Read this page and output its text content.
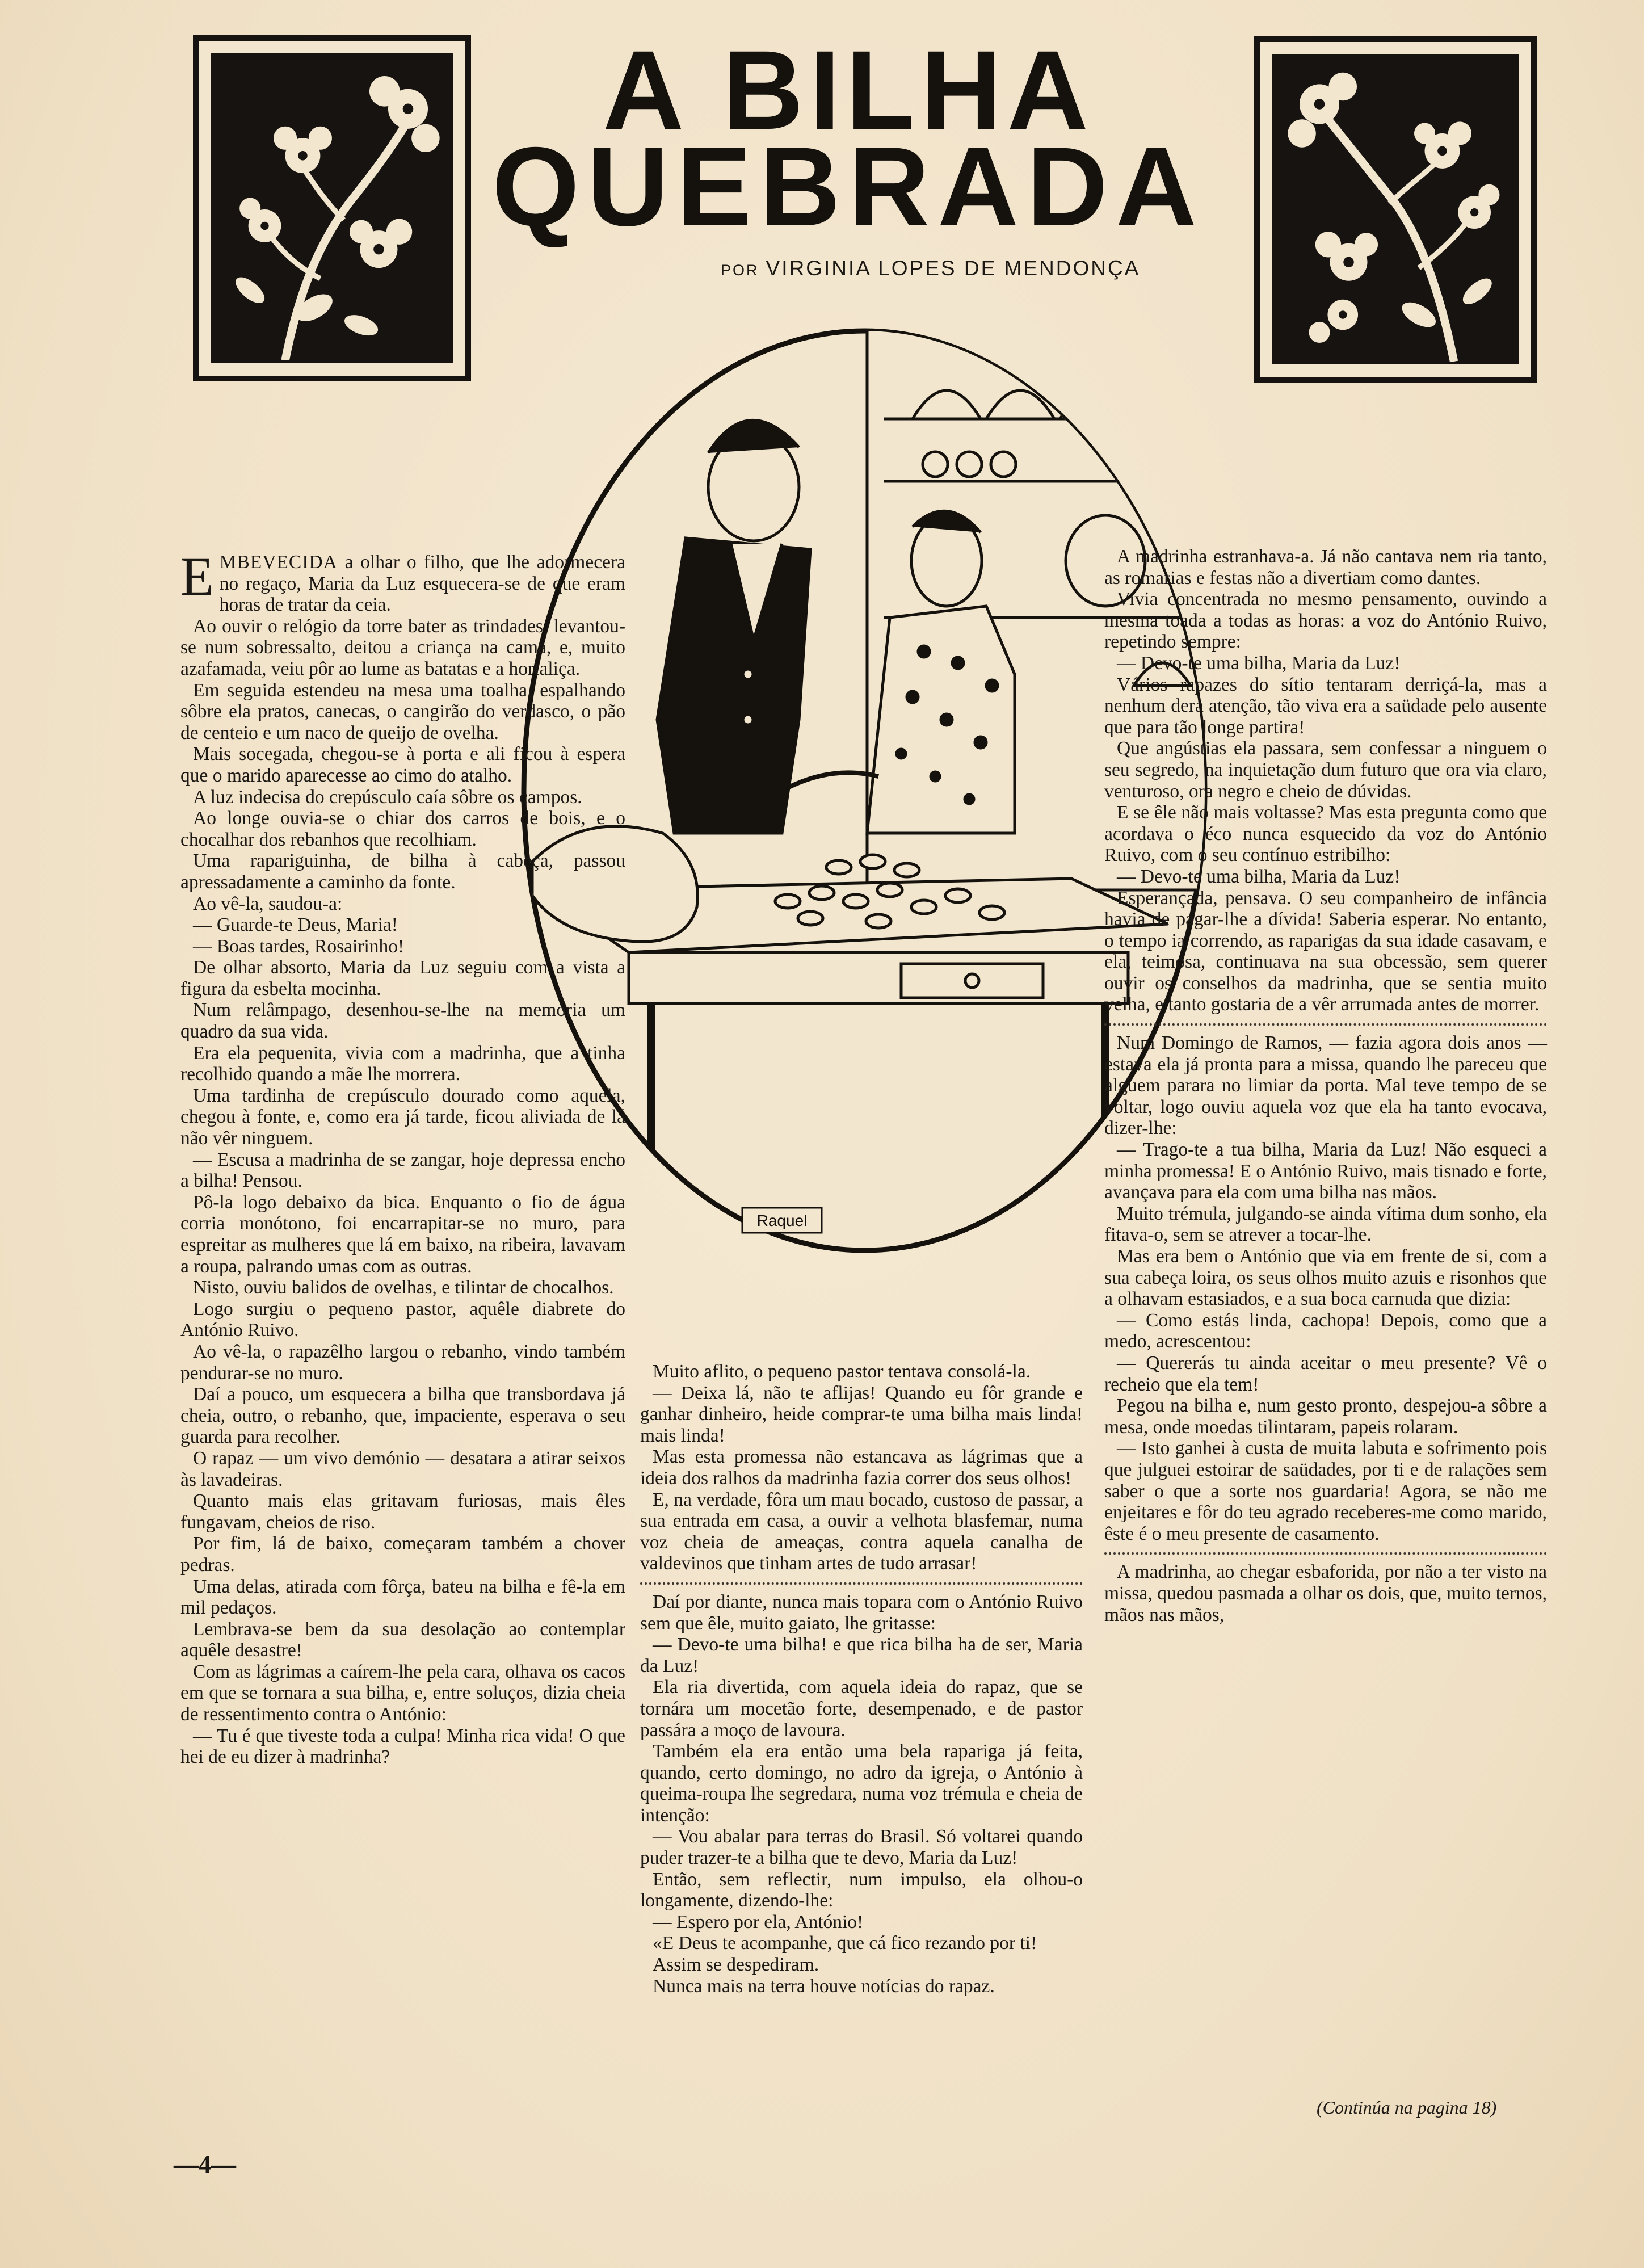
A BILHA
QUEBRADA
POR VIRGINIA LOPES DE MENDONÇA
Raquel

EMBEVECIDA a olhar o filho, que lhe adormecera no regaço, Maria da Luz esquecera-se de que eram horas de tratar da ceia.

Ao ouvir o relógio da torre bater as trindades, levantou-se num sobressalto, deitou a criança na cama, e, muito azafamada, veiu pôr ao lume as batatas e a hortaliça.

Em seguida estendeu na mesa uma toalha, espalhando sôbre ela pratos, canecas, o cangirão do verdasco, o pão de centeio e um naco de queijo de ovelha.

Mais socegada, chegou-se à porta e ali ficou à espera que o marido aparecesse ao cimo do atalho.

A luz indecisa do crepúsculo caía sôbre os campos.

Ao longe ouvia-se o chiar dos carros de bois, e o chocalhar dos rebanhos que recolhiam.

Uma rapariguinha, de bilha à cabeça, passou apressadamente a caminho da fonte.

Ao vê-la, saudou-a:

— Guarde-te Deus, Maria!

— Boas tardes, Rosairinho!

De olhar absorto, Maria da Luz seguiu com a vista a figura da esbelta mocinha.

Num relâmpago, desenhou-se-lhe na memória um quadro da sua vida.

Era ela pequenita, vivia com a madrinha, que a tinha recolhido quando a mãe lhe morrera.

Uma tardinha de crepúsculo dourado como aquela, chegou à fonte, e, como era já tarde, ficou aliviada de lá não vêr ninguem.

— Escusa a madrinha de se zangar, hoje depressa encho a bilha! Pensou.

Pô-la logo debaixo da bica. Enquanto o fio de água corria monótono, foi encarrapitar-se no muro, para espreitar as mulheres que lá em baixo, na ribeira, lavavam a roupa, palrando umas com as outras.

Nisto, ouviu balidos de ovelhas, e tilintar de chocalhos.

Logo surgiu o pequeno pastor, aquêle diabrete do António Ruivo.

Ao vê-la, o rapazêlho largou o rebanho, vindo também pendurar-se no muro.

Daí a pouco, um esquecera a bilha que transbordava já cheia, outro, o rebanho, que, impaciente, esperava o seu guarda para recolher.

O rapaz — um vivo demónio — desatara a atirar seixos às lavadeiras.

Quanto mais elas gritavam furiosas, mais êles fungavam, cheios de riso.

Por fim, lá de baixo, começaram também a chover pedras.

Uma delas, atirada com fôrça, bateu na bilha e fê-la em mil pedaços.

Lembrava-se bem da sua desolação ao contemplar aquêle desastre!

Com as lágrimas a caírem-lhe pela cara, olhava os cacos em que se tornara a sua bilha, e, entre soluços, dizia cheia de ressentimento contra o António:

— Tu é que tiveste toda a culpa! Minha rica vida! O que hei de eu dizer à madrinha?

Muito aflito, o pequeno pastor tentava consolá-la.

— Deixa lá, não te aflijas! Quando eu fôr grande e ganhar dinheiro, heide comprar-te uma bilha mais linda! mais linda!

Mas esta promessa não estancava as lágrimas que a ideia dos ralhos da madrinha fazia correr dos seus olhos!

E, na verdade, fôra um mau bocado, custoso de passar, a sua entrada em casa, a ouvir a velhota blasfemar, numa voz cheia de ameaças, contra aquela canalha de valdevinos que tinham artes de tudo arrasar!

Daí por diante, nunca mais topara com o António Ruivo sem que êle, muito gaiato, lhe gritasse:

— Devo-te uma bilha! e que rica bilha ha de ser, Maria da Luz!

Ela ria divertida, com aquela ideia do rapaz, que se tornára um mocetão forte, desempenado, e de pastor passára a moço de lavoura.

Também ela era então uma bela rapariga já feita, quando, certo domingo, no adro da igreja, o António à queima-roupa lhe segredara, numa voz trémula e cheia de intenção:

— Vou abalar para terras do Brasil. Só voltarei quando puder trazer-te a bilha que te devo, Maria da Luz!

Então, sem reflectir, num impulso, ela olhou-o longamente, dizendo-lhe:

— Espero por ela, António!

«E Deus te acompanhe, que cá fico rezando por ti!

Assim se despediram.

Nunca mais na terra houve notícias do rapaz.

A madrinha estranhava-a. Já não cantava nem ria tanto, as romarias e festas não a divertiam como dantes.

Vivia concentrada no mesmo pensamento, ouvindo a mesma toada a todas as horas: a voz do António Ruivo, repetindo sempre:

— Devo-te uma bilha, Maria da Luz!

Vários rapazes do sítio tentaram derriçá-la, mas a nenhum dera atenção, tão viva era a saüdade pelo ausente que para tão longe partira!

Que angústias ela passara, sem confessar a ninguem o seu segredo, na inquietação dum futuro que ora via claro, venturoso, ora negro e cheio de dúvidas.

E se êle não mais voltasse? Mas esta pregunta como que acordava o éco nunca esquecido da voz do António Ruivo, com o seu contínuo estribilho:

— Devo-te uma bilha, Maria da Luz!

Esperançada, pensava. O seu companheiro de infância havia de pagar-lhe a dívida! Saberia esperar. No entanto, o tempo ia correndo, as raparigas da sua idade casavam, e ela, teimosa, continuava na sua obcessão, sem querer ouvir os conselhos da madrinha, que se sentia muito velha, e tanto gostaria de a vêr arrumada antes de morrer.

Num Domingo de Ramos, — fazia agora dois anos — estava ela já pronta para a missa, quando lhe pareceu que alguem parara no limiar da porta. Mal teve tempo de se voltar, logo ouviu aquela voz que ela ha tanto evocava, dizer-lhe:

— Trago-te a tua bilha, Maria da Luz! Não esqueci a minha promessa! E o António Ruivo, mais tisnado e forte, avançava para ela com uma bilha nas mãos.

Muito trémula, julgando-se ainda vítima dum sonho, ela fitava-o, sem se atrever a tocar-lhe.

Mas era bem o António que via em frente de si, com a sua cabeça loira, os seus olhos muito azuis e risonhos que a olhavam estasiados, e a sua boca carnuda que dizia:

— Como estás linda, cachopa! Depois, como que a medo, acrescentou:

— Quererás tu ainda aceitar o meu presente? Vê o recheio que ela tem!

Pegou na bilha e, num gesto pronto, despejou-a sôbre a mesa, onde moedas tilintaram, papeis rolaram.

— Isto ganhei à custa de muita labuta e sofrimento pois que julguei estoirar de saüdades, por ti e de ralações sem saber o que a sorte nos guardaria! Agora, se não me enjeitares e fôr do teu agrado receberes-me como marido, êste é o meu presente de casamento.

A madrinha, ao chegar esbaforida, por não a ter visto na missa, quedou pasmada a olhar os dois, que, muito ternos, mãos nas mãos,

(Continúa na pagina 18)
—4—
